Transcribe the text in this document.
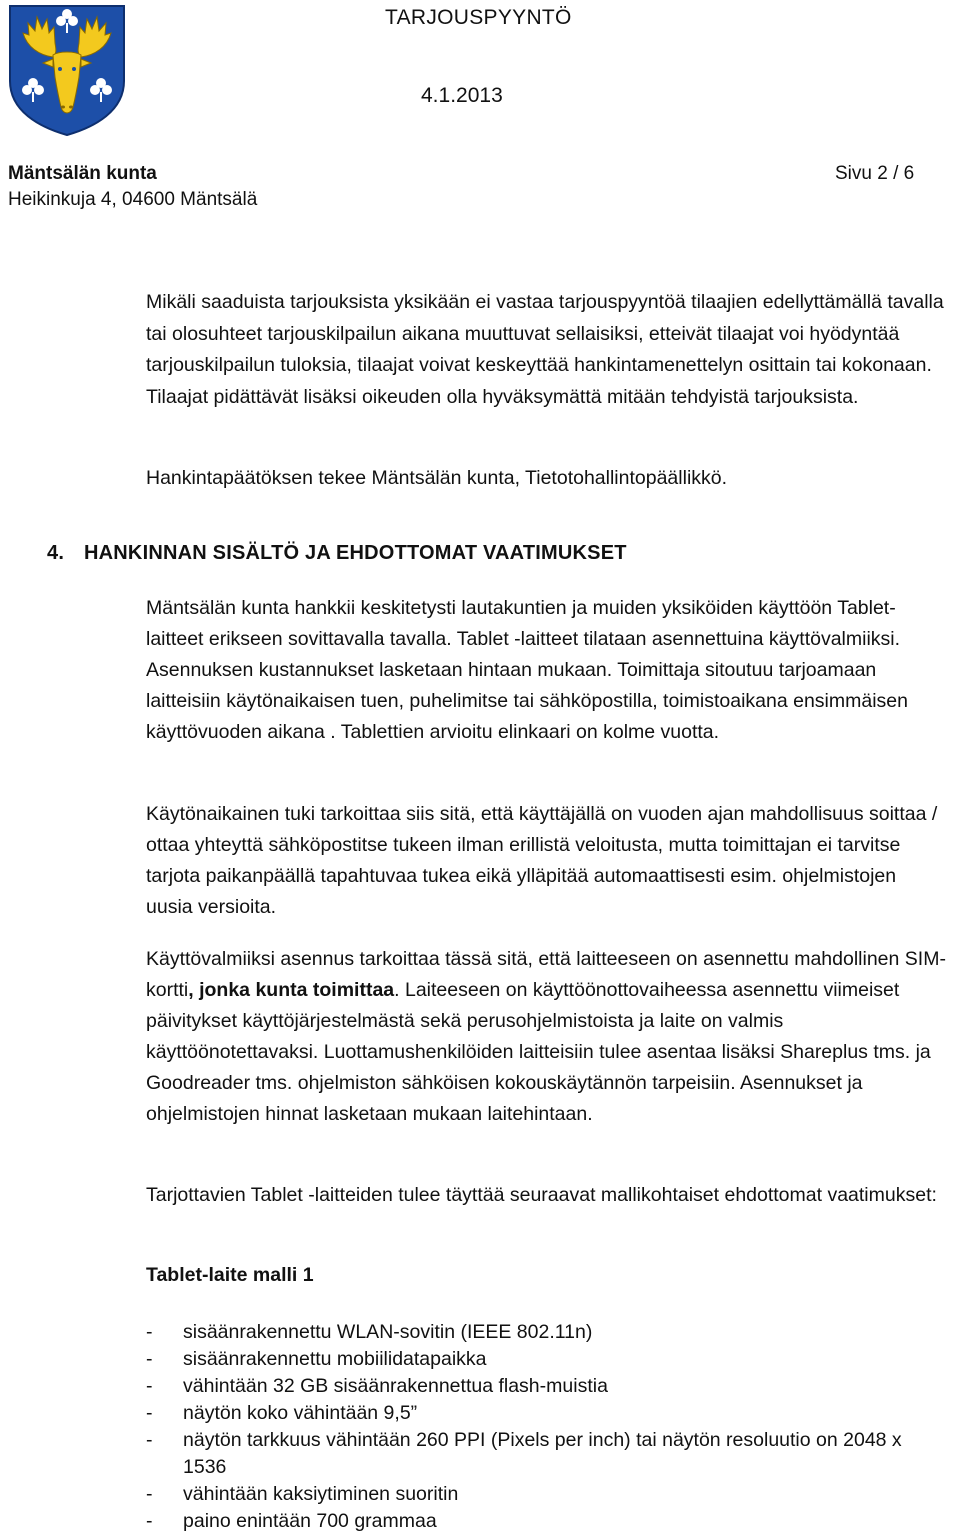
TARJOUSPYYNTÖ
4.1.2013
Mäntsälän kunta
Heikinkuja 4, 04600 Mäntsälä
Sivu 2 / 6

Mikäli saaduista tarjouksista yksikään ei vastaa tarjouspyyntöä tilaajien edellyttämällä tavalla tai olosuhteet tarjouskilpailun aikana muuttuvat sellaisiksi, etteivät tilaajat voi hyödyntää tarjouskilpailun tuloksia, tilaajat voivat keskeyttää hankintamenettelyn osittain tai kokonaan. Tilaajat pidättävät lisäksi oikeuden olla hyväksymättä mitään tehdyistä tarjouksista.

Hankintapäätöksen tekee Mäntsälän kunta, Tietotohallintopäällikkö.

4. HANKINNAN SISÄLTÖ JA EHDOTTOMAT VAATIMUKSET

Mäntsälän kunta hankkii keskitetysti lautakuntien ja muiden yksiköiden käyttöön Tablet-laitteet erikseen sovittavalla tavalla. Tablet -laitteet tilataan asennettuina käyttövalmiiksi. Asennuksen kustannukset lasketaan hintaan mukaan. Toimittaja sitoutuu tarjoamaan laitteisiin käytönaikaisen tuen, puhelimitse tai sähköpostilla, toimistoaikana ensimmäisen käyttövuoden aikana . Tablettien arvioitu elinkaari on kolme vuotta.

Käytönaikainen tuki tarkoittaa siis sitä, että käyttäjällä on vuoden ajan mahdollisuus soittaa / ottaa yhteyttä sähköpostitse tukeen ilman erillistä veloitusta, mutta toimittajan ei tarvitse tarjota paikanpäällä tapahtuvaa tukea eikä ylläpitää automaattisesti esim. ohjelmistojen uusia versioita.

Käyttövalmiiksi asennus tarkoittaa tässä sitä, että laitteeseen on asennettu mahdollinen SIM-kortti, jonka kunta toimittaa. Laiteeseen on käyttöönottovaiheessa asennettu viimeiset päivitykset käyttöjärjestelmästä sekä perusohjelmistoista ja laite on valmis käyttöönotettavaksi. Luottamushenkilöiden laitteisiin tulee asentaa lisäksi Shareplus tms. ja Goodreader tms. ohjelmiston sähköisen kokouskäytännön tarpeisiin. Asennukset ja ohjelmistojen hinnat lasketaan mukaan laitehintaan.

Tarjottavien Tablet -laitteiden tulee täyttää seuraavat mallikohtaiset ehdottomat vaatimukset:

Tablet-laite malli 1
- sisäänrakennettu WLAN-sovitin (IEEE 802.11n)
- sisäänrakennettu mobiilidatapaikka
- vähintään 32 GB sisäänrakennettua flash-muistia
- näytön koko vähintään 9,5”
- näytön tarkkuus vähintään 260 PPI (Pixels per inch) tai näytön resoluutio on 2048 x 1536
- vähintään kaksiytiminen suoritin
- paino enintään 700 grammaa
